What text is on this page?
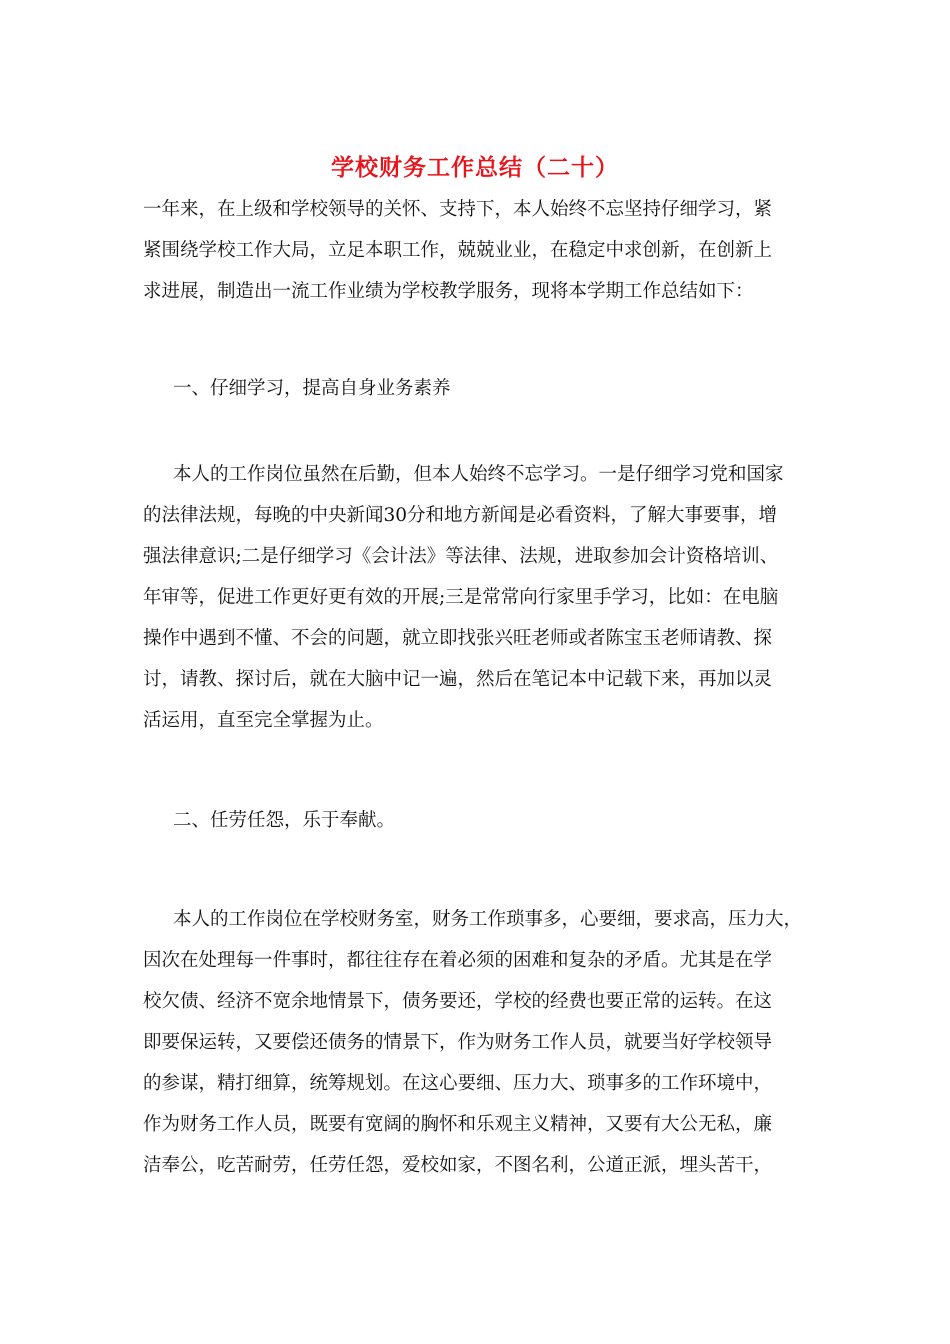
学校财务工作总结（二十）
一年来，在上级和学校领导的关怀、支持下，本人始终不忘坚持仔细学习，紧
紧围绕学校工作大局，立足本职工作，兢兢业业，在稳定中求创新，在创新上
求进展，制造出一流工作业绩为学校教学服务，现将本学期工作总结如下：
一、仔细学习，提高自身业务素养
本人的工作岗位虽然在后勤，但本人始终不忘学习。一是仔细学习党和国家
的法律法规，每晚的中央新闻30分和地方新闻是必看资料，了解大事要事，增
强法律意识;二是仔细学习《会计法》等法律、法规，进取参加会计资格培训、
年审等，促进工作更好更有效的开展;三是常常向行家里手学习，比如：在电脑
操作中遇到不懂、不会的问题，就立即找张兴旺老师或者陈宝玉老师请教、探
讨，请教、探讨后，就在大脑中记一遍，然后在笔记本中记载下来，再加以灵
活运用，直至完全掌握为止。
二、任劳任怨，乐于奉献。
本人的工作岗位在学校财务室，财务工作琐事多，心要细，要求高，压力大，
因次在处理每一件事时，都往往存在着必须的困难和复杂的矛盾。尤其是在学
校欠债、经济不宽余地情景下，债务要还，学校的经费也要正常的运转。在这
即要保运转，又要偿还债务的情景下，作为财务工作人员，就要当好学校领导
的参谋，精打细算，统筹规划。在这心要细、压力大、琐事多的工作环境中，
作为财务工作人员，既要有宽阔的胸怀和乐观主义精神，又要有大公无私，廉
洁奉公，吃苦耐劳，任劳任怨，爱校如家，不图名利，公道正派，埋头苦干，
